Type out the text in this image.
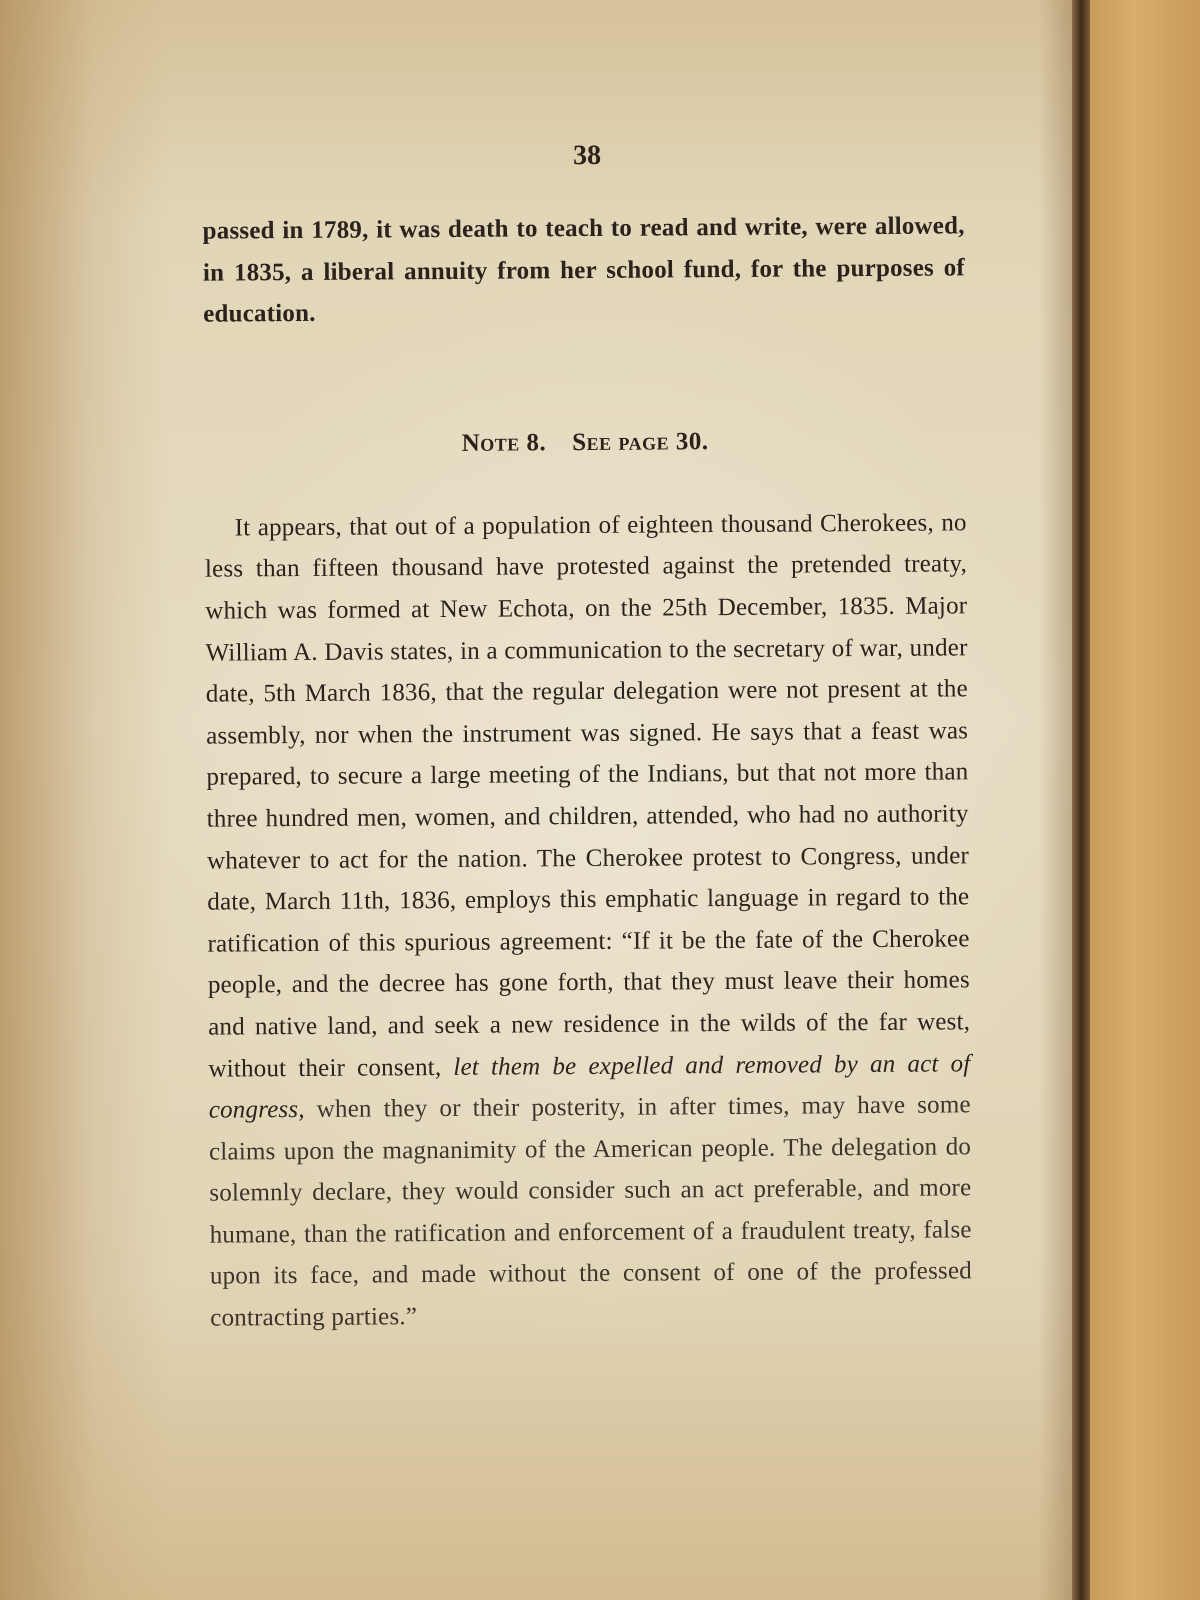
38

passed in 1789, it was death to teach to read and write, were allowed, in 1835, a liberal annuity from her school fund, for the purposes of education.

Note 8. See page 30.

It appears, that out of a population of eighteen thousand Cherokees, no less than fifteen thousand have protested against the pretended treaty, which was formed at New Echota, on the 25th December, 1835. Major William A. Davis states, in a communication to the secretary of war, under date, 5th March 1836, that the regular delegation were not present at the assembly, nor when the instrument was signed. He says that a feast was prepared, to secure a large meeting of the Indians, but that not more than three hundred men, women, and children, attended, who had no authority whatever to act for the nation. The Cherokee protest to Congress, under date, March 11th, 1836, employs this emphatic language in regard to the ratification of this spurious agreement: “If it be the fate of the Cherokee people, and the decree has gone forth, that they must leave their homes and native land, and seek a new residence in the wilds of the far west, without their consent, let them be expelled and removed by an act of congress, when they or their posterity, in after times, may have some claims upon the magnanimity of the American people. The delegation do solemnly declare, they would consider such an act preferable, and more humane, than the ratification and enforcement of a fraudulent treaty, false upon its face, and made without the consent of one of the professed contracting parties.”
